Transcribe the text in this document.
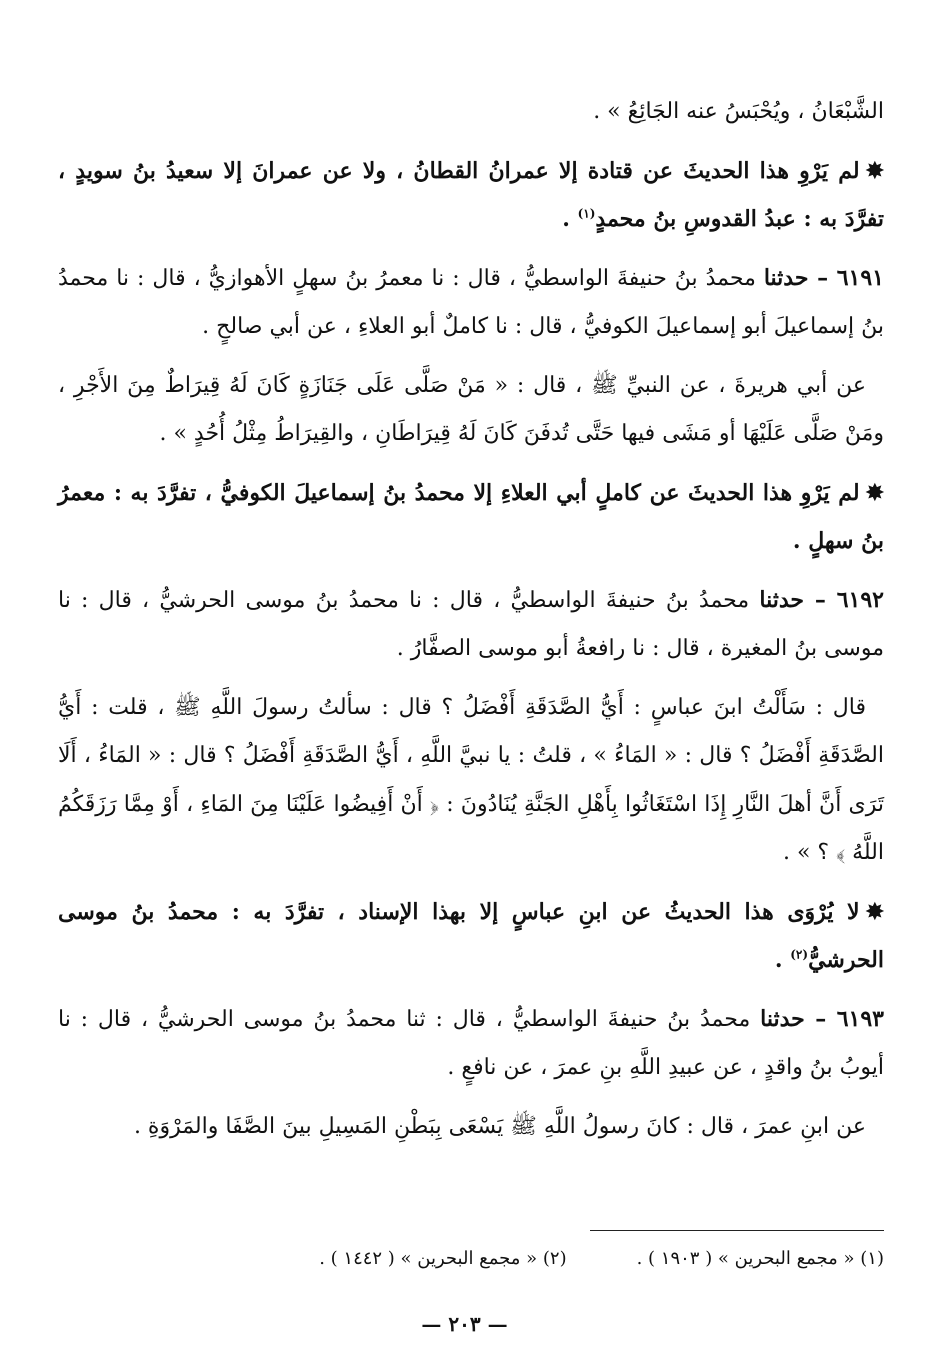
الشَّبْعَانُ ، ويُحْبَسُ عنه الجَائِعُ » .

✸لم يَرْوِ هذا الحديثَ عن قتادة إلا عمرانُ القطانُ ، ولا عن عمرانَ إلا سعيدُ بنُ سويدٍ ، تفرَّدَ به : عبدُ القدوسِ بنُ محمدٍ$^{(١)}$ .

٦١٩١ – حدثنا محمدُ بنُ حنيفةَ الواسطيُّ ، قال : نا معمرُ بنُ سهلٍ الأهوازيُّ ، قال : نا محمدُ بنُ إسماعيلَ أبو إسماعيلَ الكوفيُّ ، قال : نا كاملٌ أبو العلاءِ ، عن أبي صالحٍ .

عن أبي هريرةَ ، عن النبيِّ ﷺ ، قال : « مَنْ صَلَّى عَلَى جَنَازَةٍ كَانَ لَهُ قِيرَاطٌ مِنَ الأَجْرِ ، ومَنْ صَلَّى عَلَيْهَا أو مَشَى فيها حَتَّى تُدفَنَ كَانَ لَهُ قِيرَاطَانِ ، والقِيرَاطُ مِثْلُ أُحُدٍ » .

✸لم يَرْوِ هذا الحديثَ عن كاملٍ أبي العلاءِ إلا محمدُ بنُ إسماعيلَ الكوفيُّ ، تفرَّدَ به : معمرُ بنُ سهلٍ .

٦١٩٢ – حدثنا محمدُ بنُ حنيفةَ الواسطيُّ ، قال : نا محمدُ بنُ موسى الحرشيُّ ، قال : نا موسى بنُ المغيرة ، قال : نا رافعةُ أبو موسى الصفَّارُ .

قال : سَأَلْتُ ابنَ عباسٍ : أَيُّ الصَّدَقَةِ أَفْضَلُ ؟ قال : سألتُ رسولَ اللَّهِ ﷺ ، قلت : أَيُّ الصَّدَقَةِ أَفْضَلُ ؟ قال : « المَاءُ » ، قلتُ : يا نبيَّ اللَّهِ ، أَيُّ الصَّدَقَةِ أَفْضَلُ ؟ قال : « المَاءُ ، أَلَا تَرَى أَنَّ أهلَ النَّارِ إِذَا اسْتَغَاثُوا بِأَهْلِ الجَنَّةِ يُنَادُونَ : ﴿ أَنْ أَفِيضُوا عَلَيْنَا مِنَ المَاءِ ، أَوْ مِمَّا رَزَقَكُمُ اللَّهُ ﴾ ؟ » .

✸لا يُرْوَى هذا الحديثُ عن ابنِ عباسٍ إلا بهذا الإسناد ، تفرَّدَ به : محمدُ بنُ موسى الحرشيُّ$^{(٢)}$ .

٦١٩٣ – حدثنا محمدُ بنُ حنيفةَ الواسطيُّ ، قال : ثنا محمدُ بنُ موسى الحرشيُّ ، قال : نا أيوبُ بنُ واقدٍ ، عن عبيدِ اللَّهِ بنِ عمرَ ، عن نافعٍ .

عن ابنِ عمرَ ، قال : كانَ رسولُ اللَّهِ ﷺ يَسْعَى بِبَطْنِ المَسِيلِ بينَ الصَّفَا والمَرْوَةِ .

(١) « مجمع البحرين » ( ١٩٠٣ ) .
(٢) « مجمع البحرين » ( ١٤٤٢ ) .
— ٢٠٣ —
